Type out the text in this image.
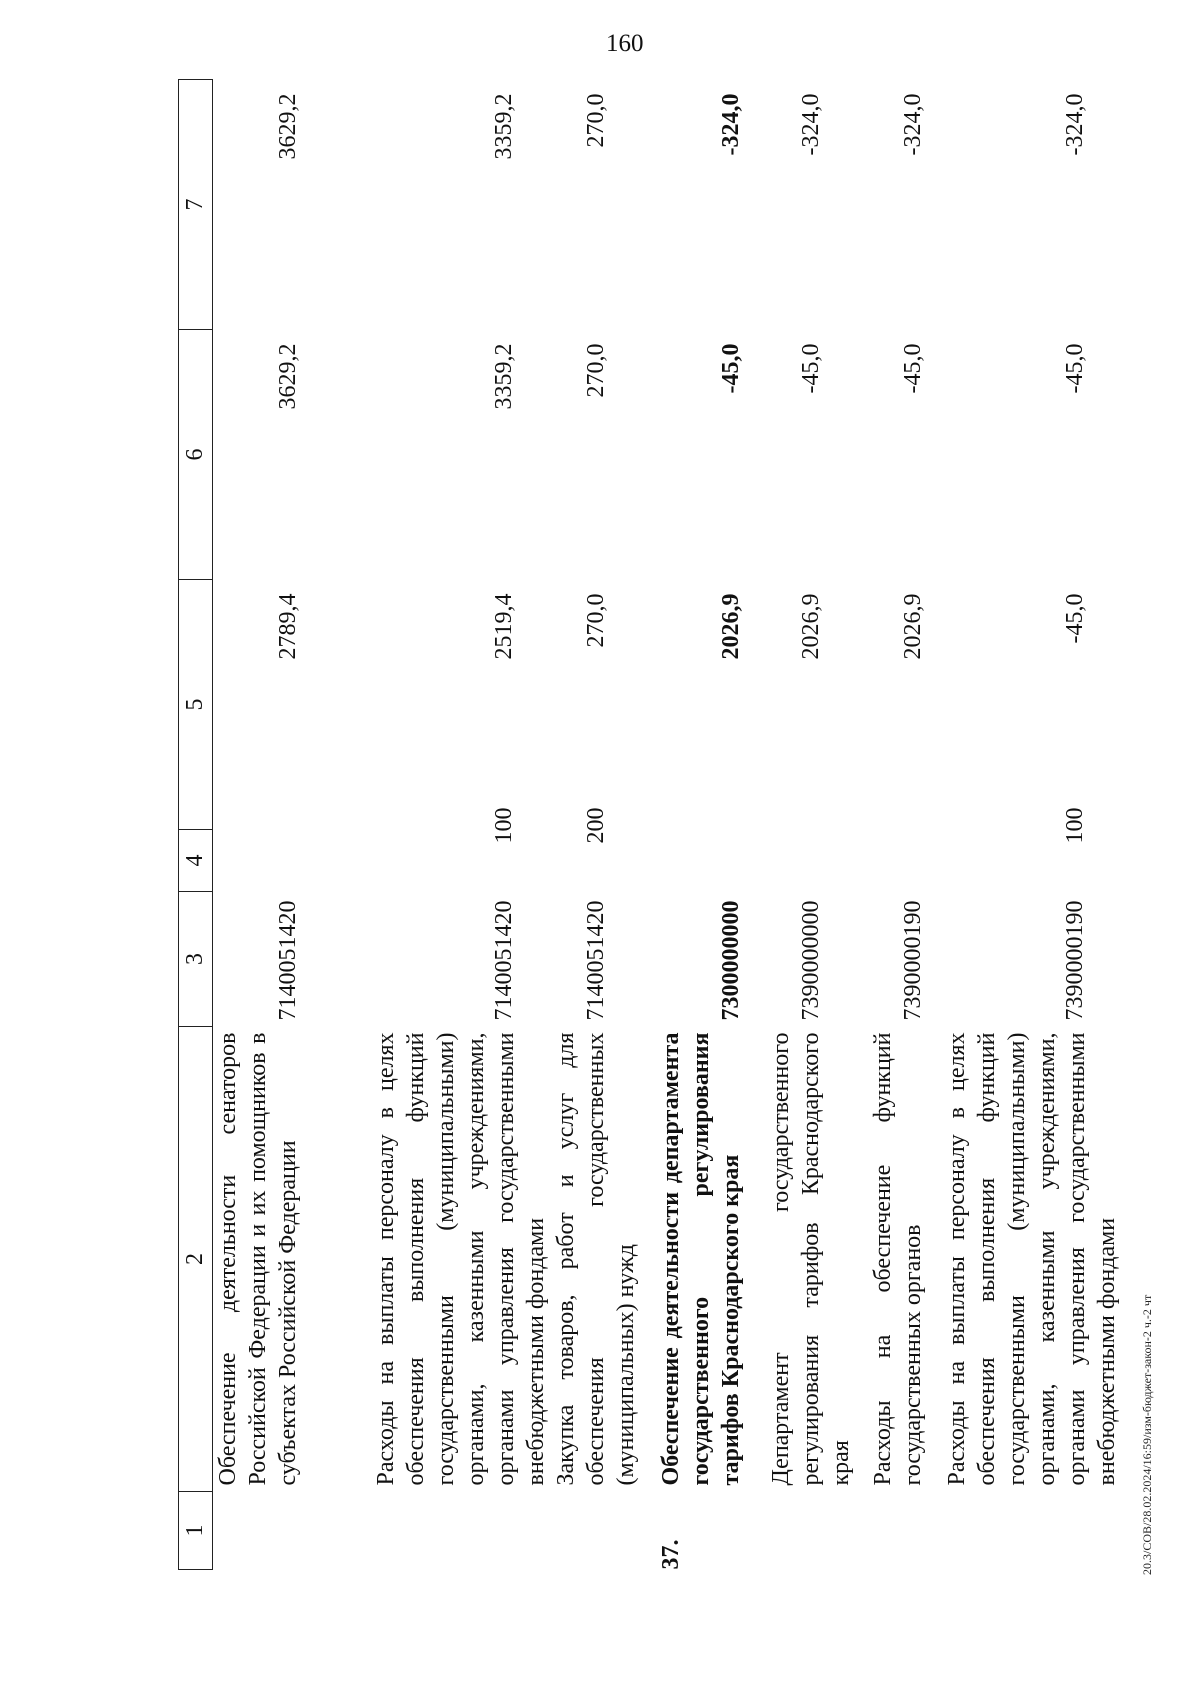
160
1	2	3	4	5	6	7
	Обеспечение деятельности сенаторов Российской Федерации и их помощников в субъектах Российской Федерации	7140051420		2789,4	3629,2	3629,2
	Расходы на выплаты персоналу в целях обеспечения выполнения функций государственными (муниципальными) органами, казенными учреждениями, органами управления государственными внебюджетными фондами	7140051420	100	2519,4	3359,2	3359,2
	Закупка товаров, работ и услуг для обеспечения государственных (муниципальных) нужд	7140051420	200	270,0	270,0	270,0
37.	Обеспечение деятельности департамента государственного регулирования тарифов Краснодарского края	7300000000		2026,9	-45,0	-324,0
	Департамент государственного регулирования тарифов Краснодарского края	7390000000		2026,9	-45,0	-324,0
	Расходы на обеспечение функций государственных органов	7390000190		2026,9	-45,0	-324,0
	Расходы на выплаты персоналу в целях обеспечения выполнения функций государственными (муниципальными) органами, казенными учреждениями, органами управления государственными внебюджетными фондами	7390000190	100	-45,0	-45,0	-324,0
20.3/СОВ/28.02.2024/16:59/изм-бюджет-закон-2 ч.-2 чт
